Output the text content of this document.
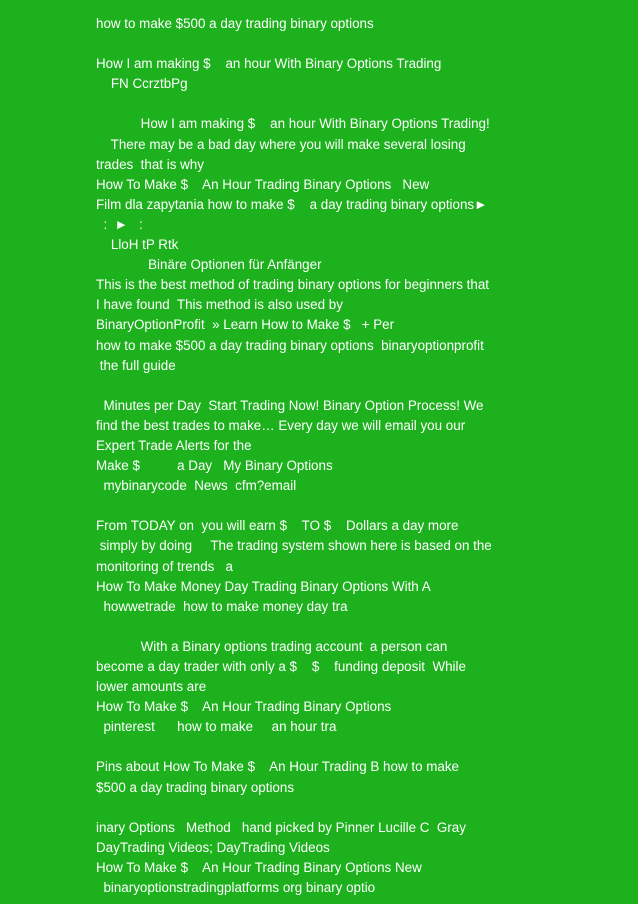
how to make $500 a day trading binary options
How I am making $    an hour With Binary Options Trading
FN CcrztbPg
How I am making $    an hour With Binary Options Trading!
There may be a bad day where you will make several losing
trades  that is why
How To Make $    An Hour Trading Binary Options   New
Film dla zapytania how to make $    a day trading binary options►
:  ►   :
LloH tP Rtk
Binäre Optionen für Anfänger
This is the best method of trading binary options for beginners that
I have found  This method is also used by
BinaryOptionProfit  » Learn How to Make $   + Per
how to make $500 a day trading binary options  binaryoptionprofit
the full guide
Minutes per Day  Start Trading Now! Binary Option Process! We
find the best trades to make… Every day we will email you our
Expert Trade Alerts for the
Make $          a Day   My Binary Options
mybinarycode  News  cfm?email
From TODAY on  you will earn $    TO $    Dollars a day more
simply by doing     The trading system shown here is based on the
monitoring of trends   a
How To Make Money Day Trading Binary Options With A
howwetrade  how to make money day tra
With a Binary options trading account  a person can
become a day trader with only a $    $    funding deposit  While
lower amounts are
How To Make $    An Hour Trading Binary Options
pinterest      how to make     an hour tra
Pins about How To Make $    An Hour Trading B how to make
$500 a day trading binary options
inary Options   Method   hand picked by Pinner Lucille C  Gray
DayTrading Videos; DayTrading Videos
How To Make $    An Hour Trading Binary Options New
binaryoptionstradingplatforms org binary optio
